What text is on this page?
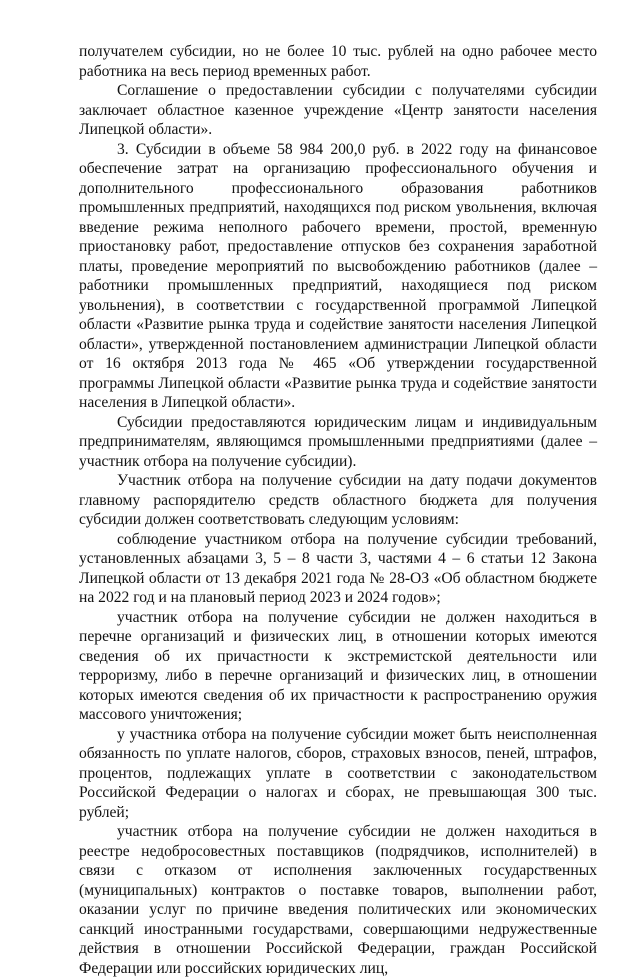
получателем субсидии, но не более 10 тыс. рублей на одно рабочее место работника на весь период временных работ.

Соглашение о предоставлении субсидии с получателями субсидии заключает областное казенное учреждение «Центр занятости населения Липецкой области».

3. Субсидии в объеме 58 984 200,0 руб. в 2022 году на финансовое обеспечение затрат на организацию профессионального обучения и дополнительного профессионального образования работников промышленных предприятий, находящихся под риском увольнения, включая введение режима неполного рабочего времени, простой, временную приостановку работ, предоставление отпусков без сохранения заработной платы, проведение мероприятий по высвобождению работников (далее – работники промышленных предприятий, находящиеся под риском увольнения), в соответствии с государственной программой Липецкой области «Развитие рынка труда и содействие занятости населения Липецкой области», утвержденной постановлением администрации Липецкой области от 16 октября 2013 года № 465 «Об утверждении государственной программы Липецкой области «Развитие рынка труда и содействие занятости населения в Липецкой области».

Субсидии предоставляются юридическим лицам и индивидуальным предпринимателям, являющимся промышленными предприятиями (далее – участник отбора на получение субсидии).

Участник отбора на получение субсидии на дату подачи документов главному распорядителю средств областного бюджета для получения субсидии должен соответствовать следующим условиям:

соблюдение участником отбора на получение субсидии требований, установленных абзацами 3, 5 – 8 части 3, частями 4 – 6 статьи 12 Закона Липецкой области от 13 декабря 2021 года № 28-ОЗ «Об областном бюджете на 2022 год и на плановый период 2023 и 2024 годов»;

участник отбора на получение субсидии не должен находиться в перечне организаций и физических лиц, в отношении которых имеются сведения об их причастности к экстремистской деятельности или терроризму, либо в перечне организаций и физических лиц, в отношении которых имеются сведения об их причастности к распространению оружия массового уничтожения;

у участника отбора на получение субсидии может быть неисполненная обязанность по уплате налогов, сборов, страховых взносов, пеней, штрафов, процентов, подлежащих уплате в соответствии с законодательством Российской Федерации о налогах и сборах, не превышающая 300 тыс. рублей;

участник отбора на получение субсидии не должен находиться в реестре недобросовестных поставщиков (подрядчиков, исполнителей) в связи с отказом от исполнения заключенных государственных (муниципальных) контрактов о поставке товаров, выполнении работ, оказании услуг по причине введения политических или экономических санкций иностранными государствами, совершающими недружественные действия в отношении Российской Федерации, граждан Российской Федерации или российских юридических лиц,
